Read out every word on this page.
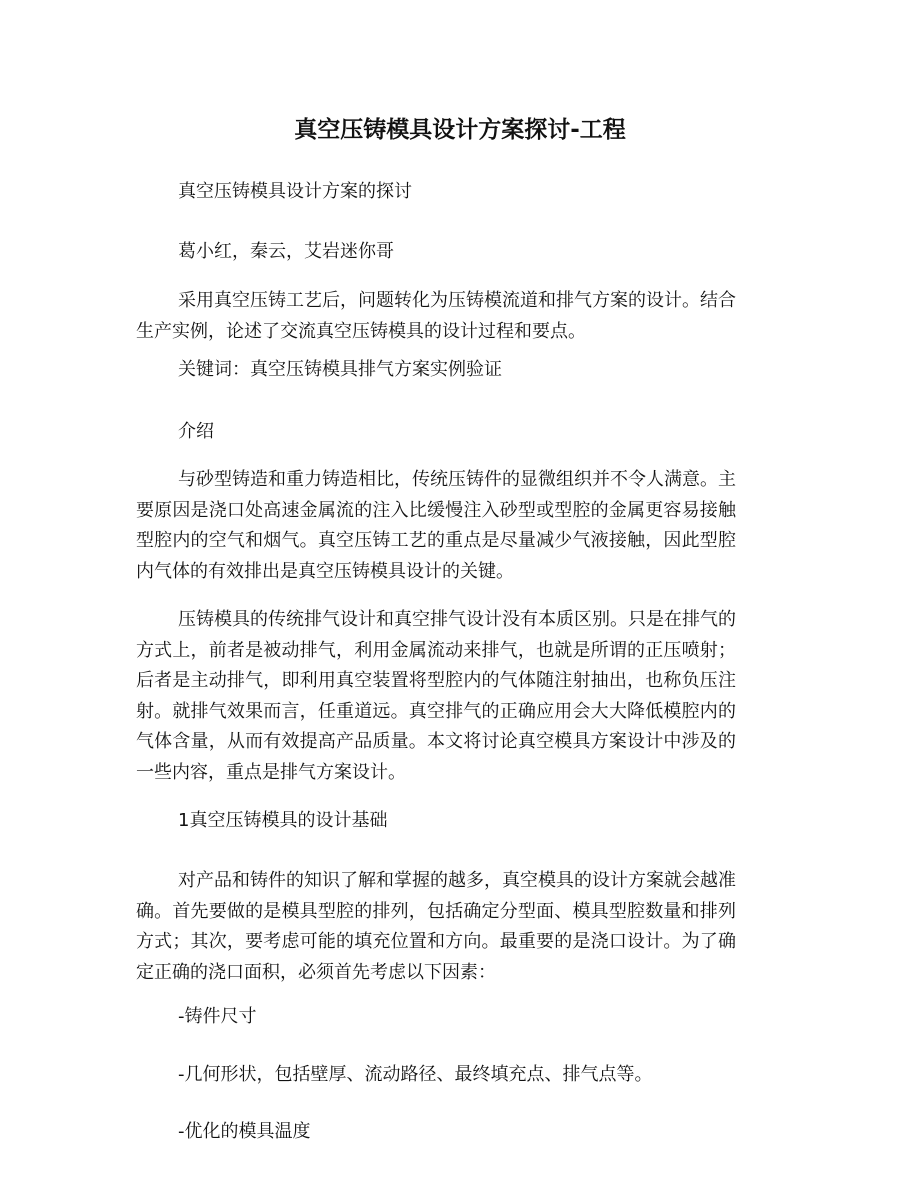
真空压铸模具设计方案探讨-工程

真空压铸模具设计方案的探讨

葛小红，秦云，艾岩迷你哥

采用真空压铸工艺后，问题转化为压铸模流道和排气方案的设计。结合生产实例，论述了交流真空压铸模具的设计过程和要点。

关键词：真空压铸模具排气方案实例验证

介绍

与砂型铸造和重力铸造相比，传统压铸件的显微组织并不令人满意。主要原因是浇口处高速金属流的注入比缓慢注入砂型或型腔的金属更容易接触型腔内的空气和烟气。真空压铸工艺的重点是尽量减少气液接触，因此型腔内气体的有效排出是真空压铸模具设计的关键。

压铸模具的传统排气设计和真空排气设计没有本质区别。只是在排气的方式上，前者是被动排气，利用金属流动来排气，也就是所谓的正压喷射；后者是主动排气，即利用真空装置将型腔内的气体随注射抽出，也称负压注射。就排气效果而言，任重道远。真空排气的正确应用会大大降低模腔内的气体含量，从而有效提高产品质量。本文将讨论真空模具方案设计中涉及的一些内容，重点是排气方案设计。

1真空压铸模具的设计基础

对产品和铸件的知识了解和掌握的越多，真空模具的设计方案就会越准确。首先要做的是模具型腔的排列，包括确定分型面、模具型腔数量和排列方式；其次，要考虑可能的填充位置和方向。最重要的是浇口设计。为了确定正确的浇口面积，必须首先考虑以下因素：

-铸件尺寸

-几何形状，包括壁厚、流动路径、最终填充点、排气点等。

-优化的模具温度
